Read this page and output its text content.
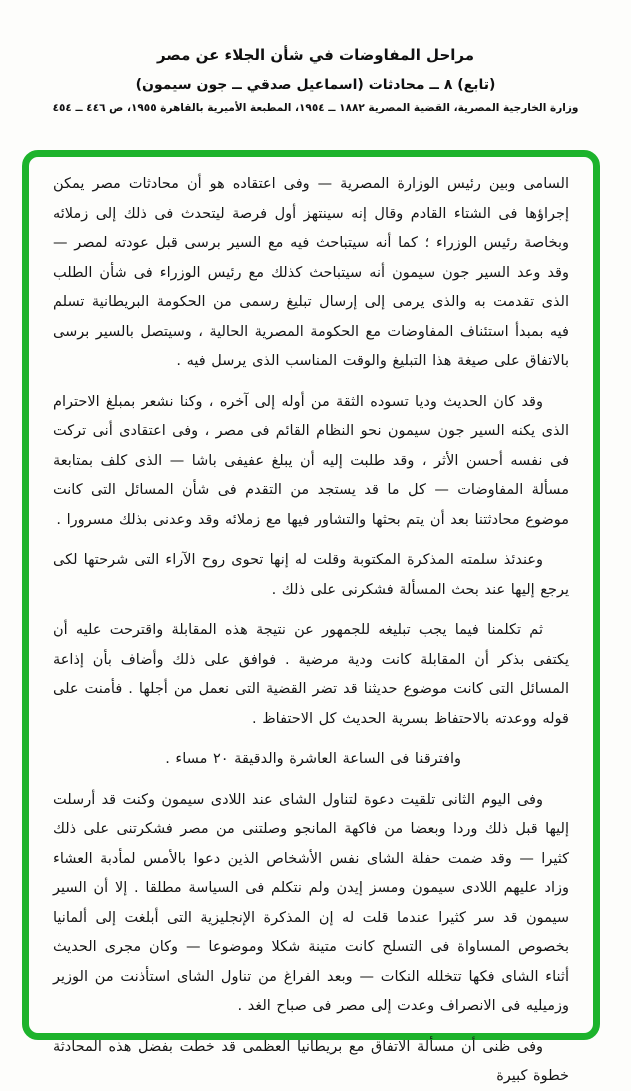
مراحل المفاوضات في شأن الجلاء عن مصر
(تابع) ٨ ــ محادثات (اسماعيل صدقي ــ جون سيمون)
وزارة الخارجية المصرية، القضية المصرية ١٨٨٢ ــ ١٩٥٤، المطبعة الأميرية بالقاهرة ١٩٥٥، ص ٤٤٦ ــ ٤٥٤

السامى وبين رئيس الوزارة المصرية — وفى اعتقاده هو أن محادثات مصر يمكن إجراؤها فى الشتاء القادم وقال إنه سينتهز أول فرصة ليتحدث فى ذلك إلى زملائه وبخاصة رئيس الوزراء ؛ كما أنه سيتباحث فيه مع السير برسى قبل عودته لمصر — وقد وعد السير جون سيمون أنه سيتباحث كذلك مع رئيس الوزراء فى شأن الطلب الذى تقدمت به والذى يرمى إلى إرسال تبليغ رسمى من الحكومة البريطانية تسلم فيه بمبدأ استئناف المفاوضات مع الحكومة المصرية الحالية ، وسيتصل بالسير برسى بالاتفاق على صيغة هذا التبليغ والوقت المناسب الذى يرسل فيه .

وقد كان الحديث وديا تسوده الثقة من أوله إلى آخره ، وكنا نشعر بمبلغ الاحترام الذى يكنه السير جون سيمون نحو النظام القائم فى مصر ، وفى اعتقادى أنى تركت فى نفسه أحسن الأثر ، وقد طلبت إليه أن يبلغ عفيفى باشا — الذى كلف بمتابعة مسألة المفاوضات — كل ما قد يستجد من التقدم فى شأن المسائل التى كانت موضوع محادثتنا بعد أن يتم بحثها والتشاور فيها مع زملائه وقد وعدنى بذلك مسرورا .

وعندئذ سلمته المذكرة المكتوبة وقلت له إنها تحوى روح الآراء التى شرحتها لكى يرجع إليها عند بحث المسألة فشكرنى على ذلك .

ثم تكلمنا فيما يجب تبليغه للجمهور عن نتيجة هذه المقابلة واقترحت عليه أن يكتفى بذكر أن المقابلة كانت ودية مرضية . فوافق على ذلك وأضاف بأن إذاعة المسائل التى كانت موضوع حديثنا قد تضر القضية التى نعمل من أجلها . فأمنت على قوله ووعدته بالاحتفاظ بسرية الحديث كل الاحتفاظ .

وافترقنا فى الساعة العاشرة والدقيقة ٢٠ مساء .

وفى اليوم الثانى تلقيت دعوة لتناول الشاى عند اللادى سيمون وكنت قد أرسلت إليها قبل ذلك وردا وبعضا من فاكهة المانجو وصلتنى من مصر فشكرتنى على ذلك كثيرا — وقد ضمت حفلة الشاى نفس الأشخاص الذين دعوا بالأمس لمأدبة العشاء وزاد عليهم اللادى سيمون ومسز إيدن ولم نتكلم فى السياسة مطلقا . إلا أن السير سيمون قد سر كثيرا عندما قلت له إن المذكرة الإنجليزية التى أبلغت إلى ألمانيا بخصوص المساواة فى التسلح كانت متينة شكلا وموضوعا — وكان مجرى الحديث أثناء الشاى فكها تتخلله النكات — وبعد الفراغ من تناول الشاى استأذنت من الوزير وزميليه فى الانصراف وعدت إلى مصر فى صباح الغد .

وفى ظنى أن مسألة الاتفاق مع بريطانيا العظمى قد خطت بفضل هذه المحادثة خطوة كبيرة
